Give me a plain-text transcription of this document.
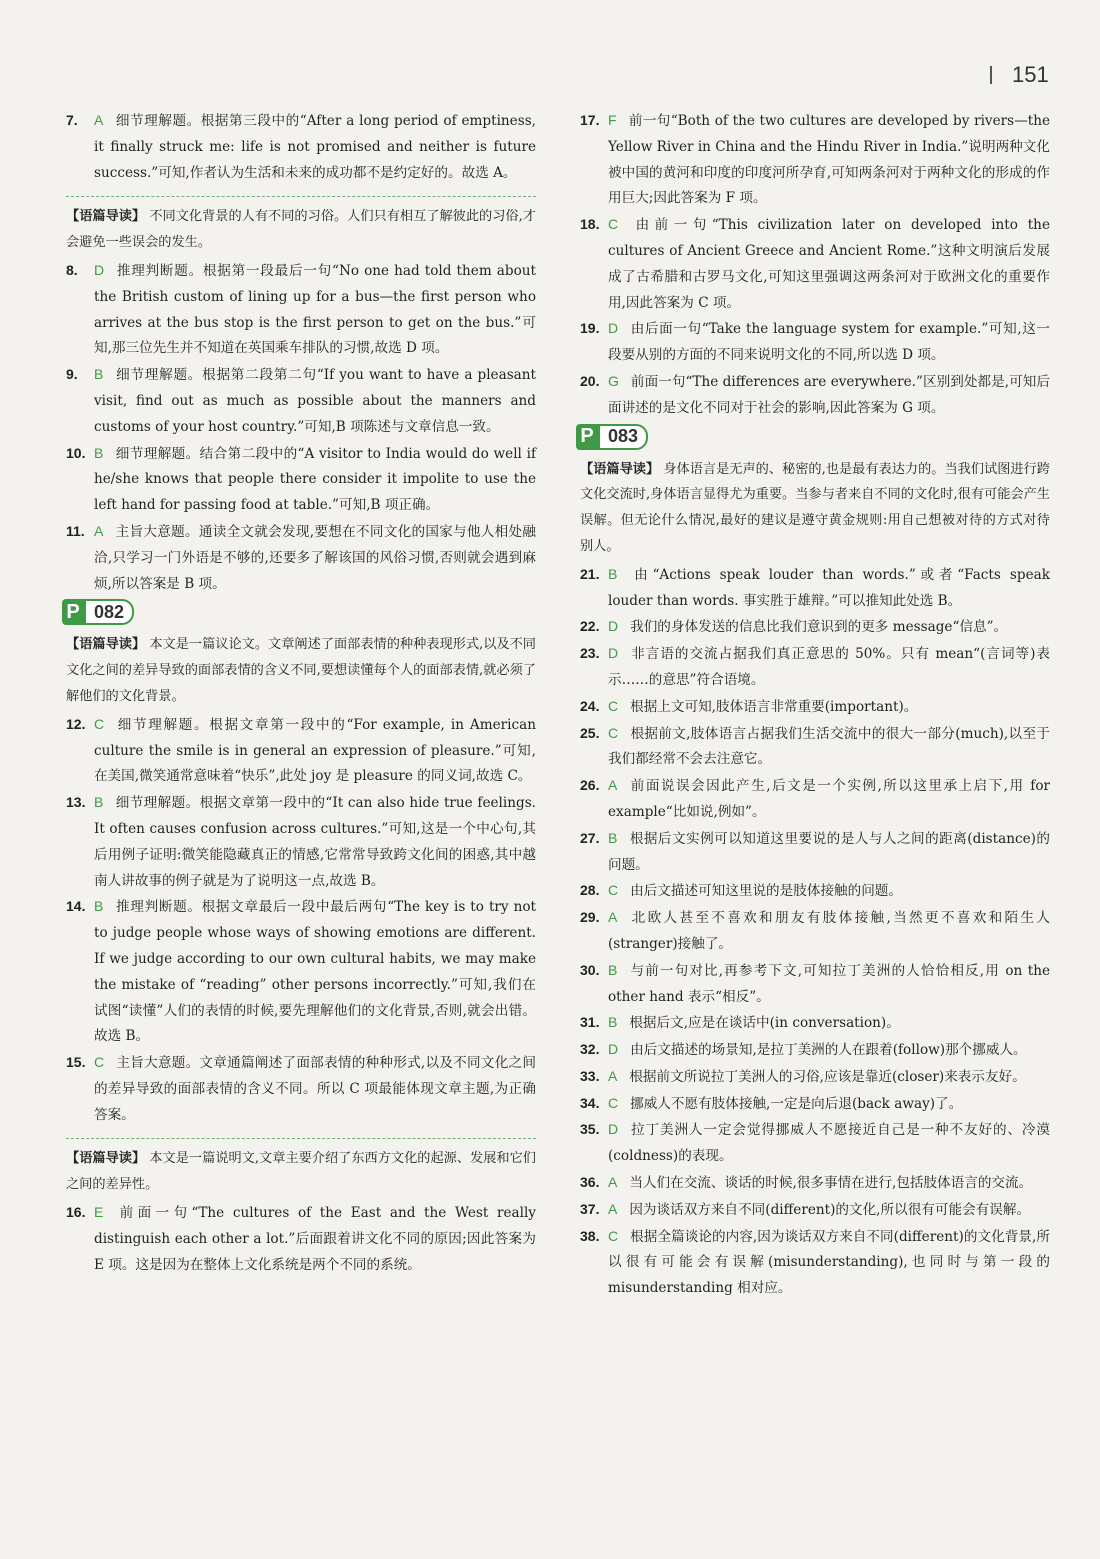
151

7. A 细节理解题。根据第三段中的“After a long period of emptiness, it finally struck me: life is not promised and neither is future success.”可知,作者认为生活和未来的成功都不是约定好的。故选 A。

【语篇导读】 不同文化背景的人有不同的习俗。人们只有相互了解彼此的习俗,才会避免一些误会的发生。

8. D 推理判断题。根据第一段最后一句“No one had told them about the British custom of lining up for a bus—the first person who arrives at the bus stop is the first person to get on the bus.”可知,那三位先生并不知道在英国乘车排队的习惯,故选 D 项。

9. B 细节理解题。根据第二段第二句“If you want to have a pleasant visit, find out as much as possible about the manners and customs of your host country.”可知,B 项陈述与文章信息一致。

10. B 细节理解题。结合第二段中的“A visitor to India would do well if he/she knows that people there consider it impolite to use the left hand for passing food at table.”可知,B 项正确。

11. A 主旨大意题。通读全文就会发现,要想在不同文化的国家与他人相处融洽,只学习一门外语是不够的,还要多了解该国的风俗习惯,否则就会遇到麻烦,所以答案是 B 项。

P 082

【语篇导读】 本文是一篇议论文。文章阐述了面部表情的种种表现形式,以及不同文化之间的差异导致的面部表情的含义不同,要想读懂每个人的面部表情,就必须了解他们的文化背景。

12. C 细节理解题。根据文章第一段中的“For example, in American culture the smile is in general an expression of pleasure.”可知,在美国,微笑通常意味着“快乐”,此处 joy 是 pleasure 的同义词,故选 C。

13. B 细节理解题。根据文章第一段中的“It can also hide true feelings. It often causes confusion across cultures.”可知,这是一个中心句,其后用例子证明:微笑能隐藏真正的情感,它常常导致跨文化间的困惑,其中越南人讲故事的例子就是为了说明这一点,故选 B。

14. B 推理判断题。根据文章最后一段中最后两句“The key is to try not to judge people whose ways of showing emotions are different. If we judge according to our own cultural habits, we may make the mistake of “reading” other persons incorrectly.”可知,我们在试图“读懂”人们的表情的时候,要先理解他们的文化背景,否则,就会出错。故选 B。

15. C 主旨大意题。文章通篇阐述了面部表情的种种形式,以及不同文化之间的差异导致的面部表情的含义不同。所以 C 项最能体现文章主题,为正确答案。

【语篇导读】 本文是一篇说明文,文章主要介绍了东西方文化的起源、发展和它们之间的差异性。

16. E 前面一句“The cultures of the East and the West really distinguish each other a lot.”后面跟着讲文化不同的原因;因此答案为 E 项。这是因为在整体上文化系统是两个不同的系统。

17. F 前一句“Both of the two cultures are developed by rivers—the Yellow River in China and the Hindu River in India.”说明两种文化被中国的黄河和印度的印度河所孕育,可知两条河对于两种文化的形成的作用巨大;因此答案为 F 项。

18. C 由前一句“This civilization later on developed into the cultures of Ancient Greece and Ancient Rome.”这种文明演后发展成了古希腊和古罗马文化,可知这里强调这两条河对于欧洲文化的重要作用,因此答案为 C 项。

19. D 由后面一句“Take the language system for example.”可知,这一段要从别的方面的不同来说明文化的不同,所以选 D 项。

20. G 前面一句“The differences are everywhere.”区别到处都是,可知后面讲述的是文化不同对于社会的影响,因此答案为 G 项。

P 083

【语篇导读】 身体语言是无声的、秘密的,也是最有表达力的。当我们试图进行跨文化交流时,身体语言显得尤为重要。当参与者来自不同的文化时,很有可能会产生误解。但无论什么情况,最好的建议是遵守黄金规则:用自己想被对待的方式对待别人。

21. B 由“Actions speak louder than words.”或者“Facts speak louder than words. 事实胜于雄辩。”可以推知此处选 B。

22. D 我们的身体发送的信息比我们意识到的更多 message“信息”。

23. D 非言语的交流占据我们真正意思的 50%。只有 mean“(言词等)表示……的意思”符合语境。

24. C 根据上文可知,肢体语言非常重要(important)。

25. C 根据前文,肢体语言占据我们生活交流中的很大一部分(much),以至于我们都经常不会去注意它。

26. A 前面说误会因此产生,后文是一个实例,所以这里承上启下,用 for example“比如说,例如”。

27. B 根据后文实例可以知道这里要说的是人与人之间的距离(distance)的问题。

28. C 由后文描述可知这里说的是肢体接触的问题。

29. A 北欧人甚至不喜欢和朋友有肢体接触,当然更不喜欢和陌生人(stranger)接触了。

30. B 与前一句对比,再参考下文,可知拉丁美洲的人恰恰相反,用 on the other hand 表示“相反”。

31. B 根据后文,应是在谈话中(in conversation)。

32. D 由后文描述的场景知,是拉丁美洲的人在跟着(follow)那个挪威人。

33. A 根据前文所说拉丁美洲人的习俗,应该是靠近(closer)来表示友好。

34. C 挪威人不愿有肢体接触,一定是向后退(back away)了。

35. D 拉丁美洲人一定会觉得挪威人不愿接近自己是一种不友好的、冷漠(coldness)的表现。

36. A 当人们在交流、谈话的时候,很多事情在进行,包括肢体语言的交流。

37. A 因为谈话双方来自不同(different)的文化,所以很有可能会有误解。

38. C 根据全篇谈论的内容,因为谈话双方来自不同(different)的文化背景,所以很有可能会有误解(misunderstanding),也同时与第一段的 misunderstanding 相对应。
